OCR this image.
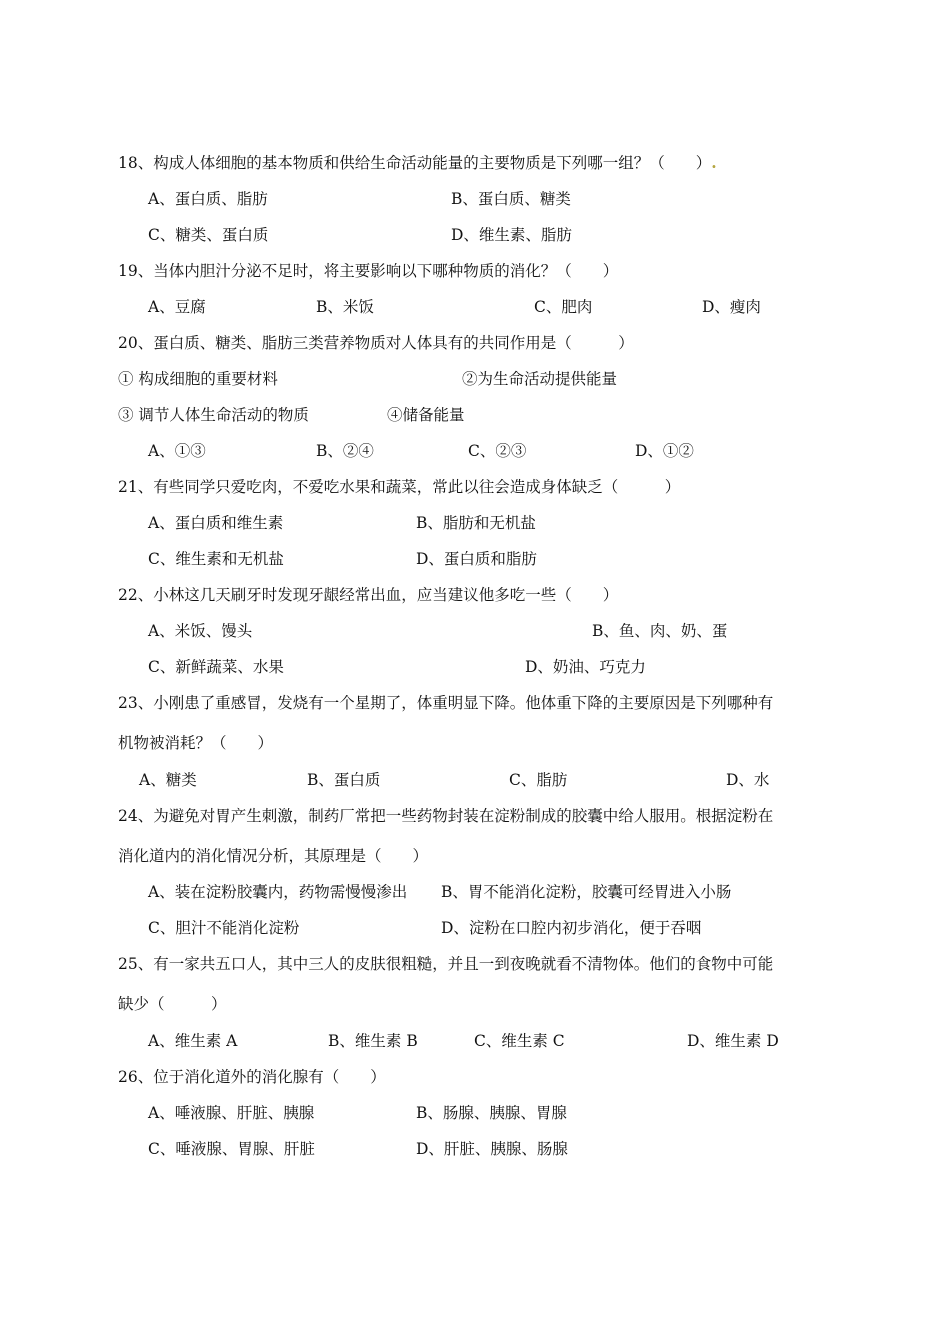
18、构成人体细胞的基本物质和供给生命活动能量的主要物质是下列哪一组？（　　）.
A、蛋白质、脂肪	B、蛋白质、糖类
C、糖类、蛋白质	D、维生素、脂肪
19、当体内胆汁分泌不足时，将主要影响以下哪种物质的消化？（　　）
A、豆腐	B、米饭	C、肥肉	D、瘦肉
20、蛋白质、糖类、脂肪三类营养物质对人体具有的共同作用是（　　　）
① 构成细胞的重要材料	②为生命活动提供能量
③ 调节人体生命活动的物质	④储备能量
A、①③	B、②④	C、②③	D、①②
21、有些同学只爱吃肉，不爱吃水果和蔬菜，常此以往会造成身体缺乏（　　　）
A、蛋白质和维生素	B、脂肪和无机盐
C、维生素和无机盐	D、蛋白质和脂肪
22、小林这几天刷牙时发现牙龈经常出血，应当建议他多吃一些（　　）
A、米饭、馒头	B、鱼、肉、奶、蛋
C、新鲜蔬菜、水果	D、奶油、巧克力
23、小刚患了重感冒，发烧有一个星期了，体重明显下降。他体重下降的主要原因是下列哪种有
机物被消耗？（　　）
A、糖类	B、蛋白质	C、脂肪	D、水
24、为避免对胃产生刺激，制药厂常把一些药物封装在淀粉制成的胶囊中给人服用。根据淀粉在
消化道内的消化情况分析，其原理是（　　）
A、装在淀粉胶囊内，药物需慢慢渗出 B、胃不能消化淀粉，胶囊可经胃进入小肠
C、胆汁不能消化淀粉	D、淀粉在口腔内初步消化，便于吞咽
25、有一家共五口人，其中三人的皮肤很粗糙，并且一到夜晚就看不清物体。他们的食物中可能
缺少（　　　）
A、维生素 A	B、维生素 B	C、维生素 C	D、维生素 D
26、位于消化道外的消化腺有（　　）
A、唾液腺、肝脏、胰腺	B、肠腺、胰腺、胃腺
C、唾液腺、胃腺、肝脏	D、肝脏、胰腺、肠腺
